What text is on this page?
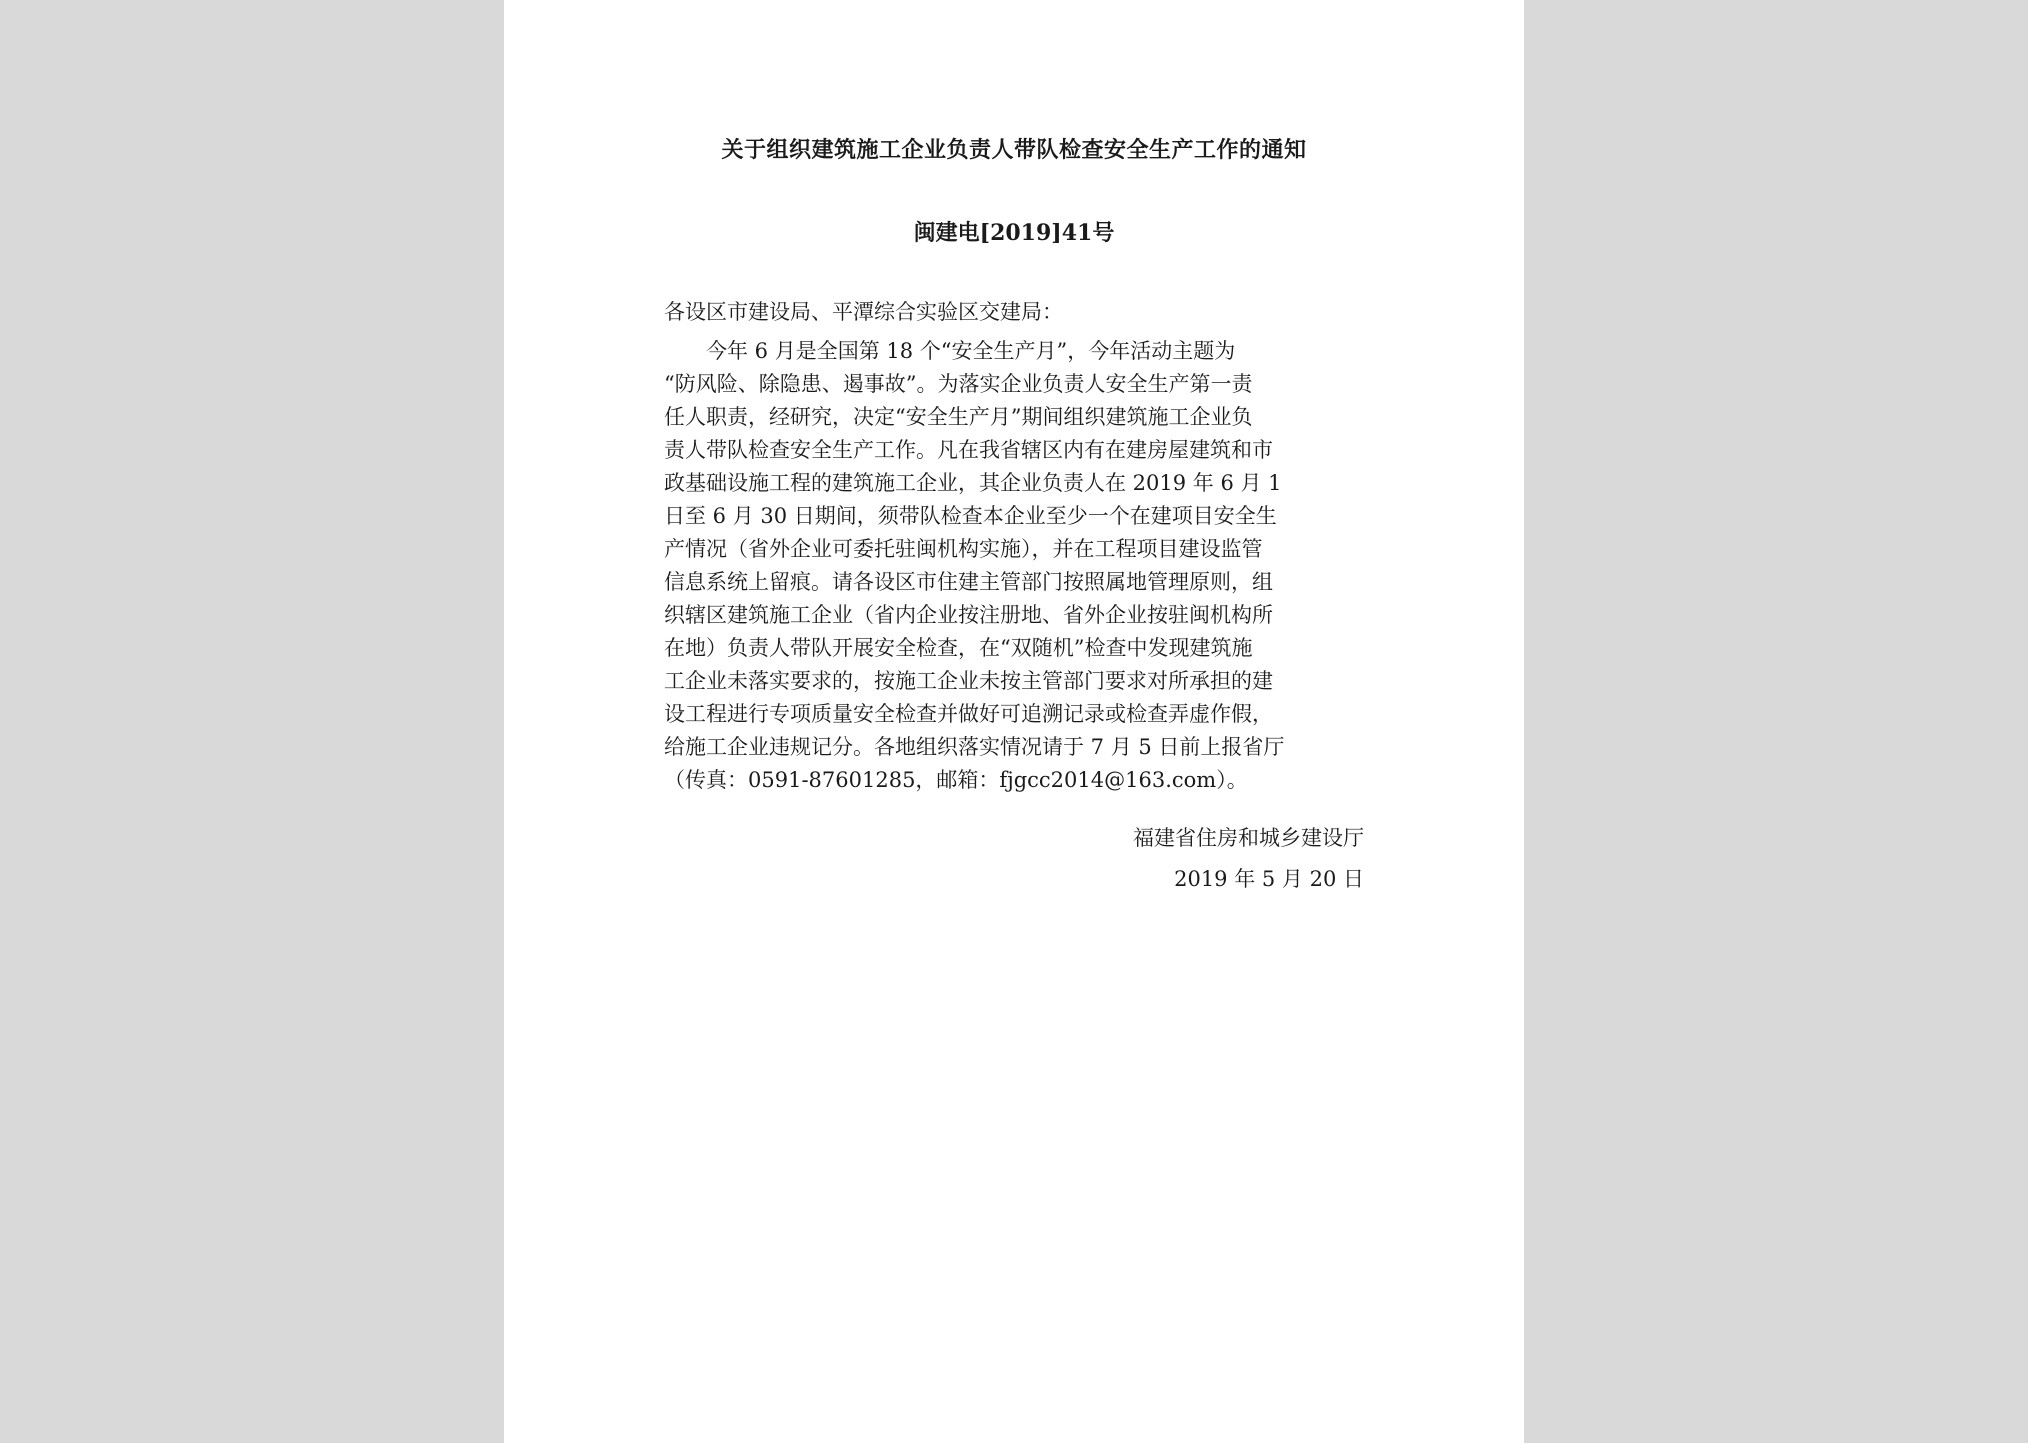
关于组织建筑施工企业负责人带队检查安全生产工作的通知
闽建电[2019]41号
各设区市建设局、平潭综合实验区交建局：
　　今年 6 月是全国第 18 个“安全生产月”，今年活动主题为
“防风险、除隐患、遏事故”。为落实企业负责人安全生产第一责
任人职责，经研究，决定“安全生产月”期间组织建筑施工企业负
责人带队检查安全生产工作。凡在我省辖区内有在建房屋建筑和市
政基础设施工程的建筑施工企业，其企业负责人在 2019 年 6 月 1
日至 6 月 30 日期间，须带队检查本企业至少一个在建项目安全生
产情况（省外企业可委托驻闽机构实施），并在工程项目建设监管
信息系统上留痕。请各设区市住建主管部门按照属地管理原则，组
织辖区建筑施工企业（省内企业按注册地、省外企业按驻闽机构所
在地）负责人带队开展安全检查，在“双随机”检查中发现建筑施
工企业未落实要求的，按施工企业未按主管部门要求对所承担的建
设工程进行专项质量安全检查并做好可追溯记录或检查弄虚作假，
给施工企业违规记分。各地组织落实情况请于 7 月 5 日前上报省厅
（传真：0591-87601285，邮箱：fjgcc2014@163.com）。
福建省住房和城乡建设厅
2019 年 5 月 20 日
